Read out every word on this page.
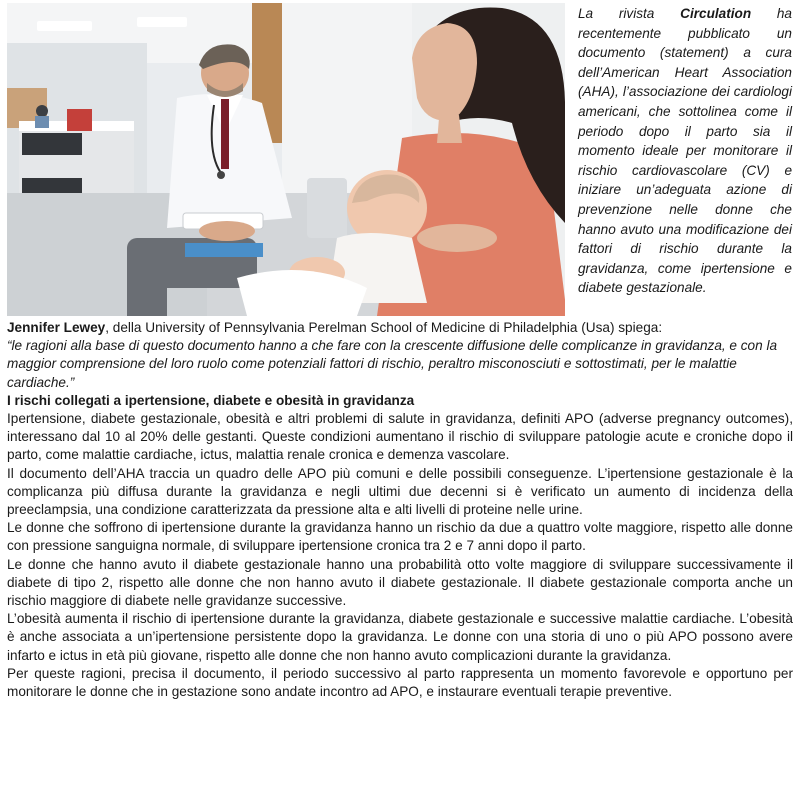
La rivista Circulation ha recentemente pubblicato un documento (statement) a cura dell’American Heart Association (AHA), l’associazione dei cardiologi americani, che sottolinea come il periodo dopo il parto sia il momento ideale per monitorare il rischio cardiovascolare (CV) e iniziare un’adeguata azione di prevenzione nelle donne che hanno avuto una modificazione dei fattori di rischio durante la gravidanza, come ipertensione e diabete gestazionale.

Jennifer Lewey, della University of Pennsylvania Perelman School of Medicine di Philadelphia (Usa) spiega:

“le ragioni alla base di questo documento hanno a che fare con la crescente diffusione delle complicanze in gravidanza, e con la maggior comprensione del loro ruolo come potenziali fattori di rischio, peraltro misconosciuti e sottostimati, per le malattie cardiache.”

I rischi collegati a ipertensione, diabete e obesità in gravidanza

Ipertensione, diabete gestazionale, obesità e altri problemi di salute in gravidanza, definiti APO (adverse pregnancy outcomes), interessano dal 10 al 20% delle gestanti. Queste condizioni aumentano il rischio di sviluppare patologie acute e croniche dopo il parto, come malattie cardiache, ictus, malattia renale cronica e demenza vascolare.

Il documento dell’AHA traccia un quadro delle APO più comuni e delle possibili conseguenze. L’ipertensione gestazionale è la complicanza più diffusa durante la gravidanza e negli ultimi due decenni si è verificato un aumento di incidenza della preeclampsia, una condizione caratterizzata da pressione alta e alti livelli di proteine nelle urine.

Le donne che soffrono di ipertensione durante la gravidanza hanno un rischio da due a quattro volte maggiore, rispetto alle donne con pressione sanguigna normale, di sviluppare ipertensione cronica tra 2 e 7 anni dopo il parto.

Le donne che hanno avuto il diabete gestazionale hanno una probabilità otto volte maggiore di sviluppare successivamente il diabete di tipo 2, rispetto alle donne che non hanno avuto il diabete gestazionale. Il diabete gestazionale comporta anche un rischio maggiore di diabete nelle gravidanze successive.

L’obesità aumenta il rischio di ipertensione durante la gravidanza, diabete gestazionale e successive malattie cardiache. L’obesità è anche associata a un’ipertensione persistente dopo la gravidanza. Le donne con una storia di uno o più APO possono avere infarto e ictus in età più giovane, rispetto alle donne che non hanno avuto complicazioni durante la gravidanza.

Per queste ragioni, precisa il documento, il periodo successivo al parto rappresenta un momento favorevole e opportuno per monitorare le donne che in gestazione sono andate incontro ad APO, e instaurare eventuali terapie preventive.
